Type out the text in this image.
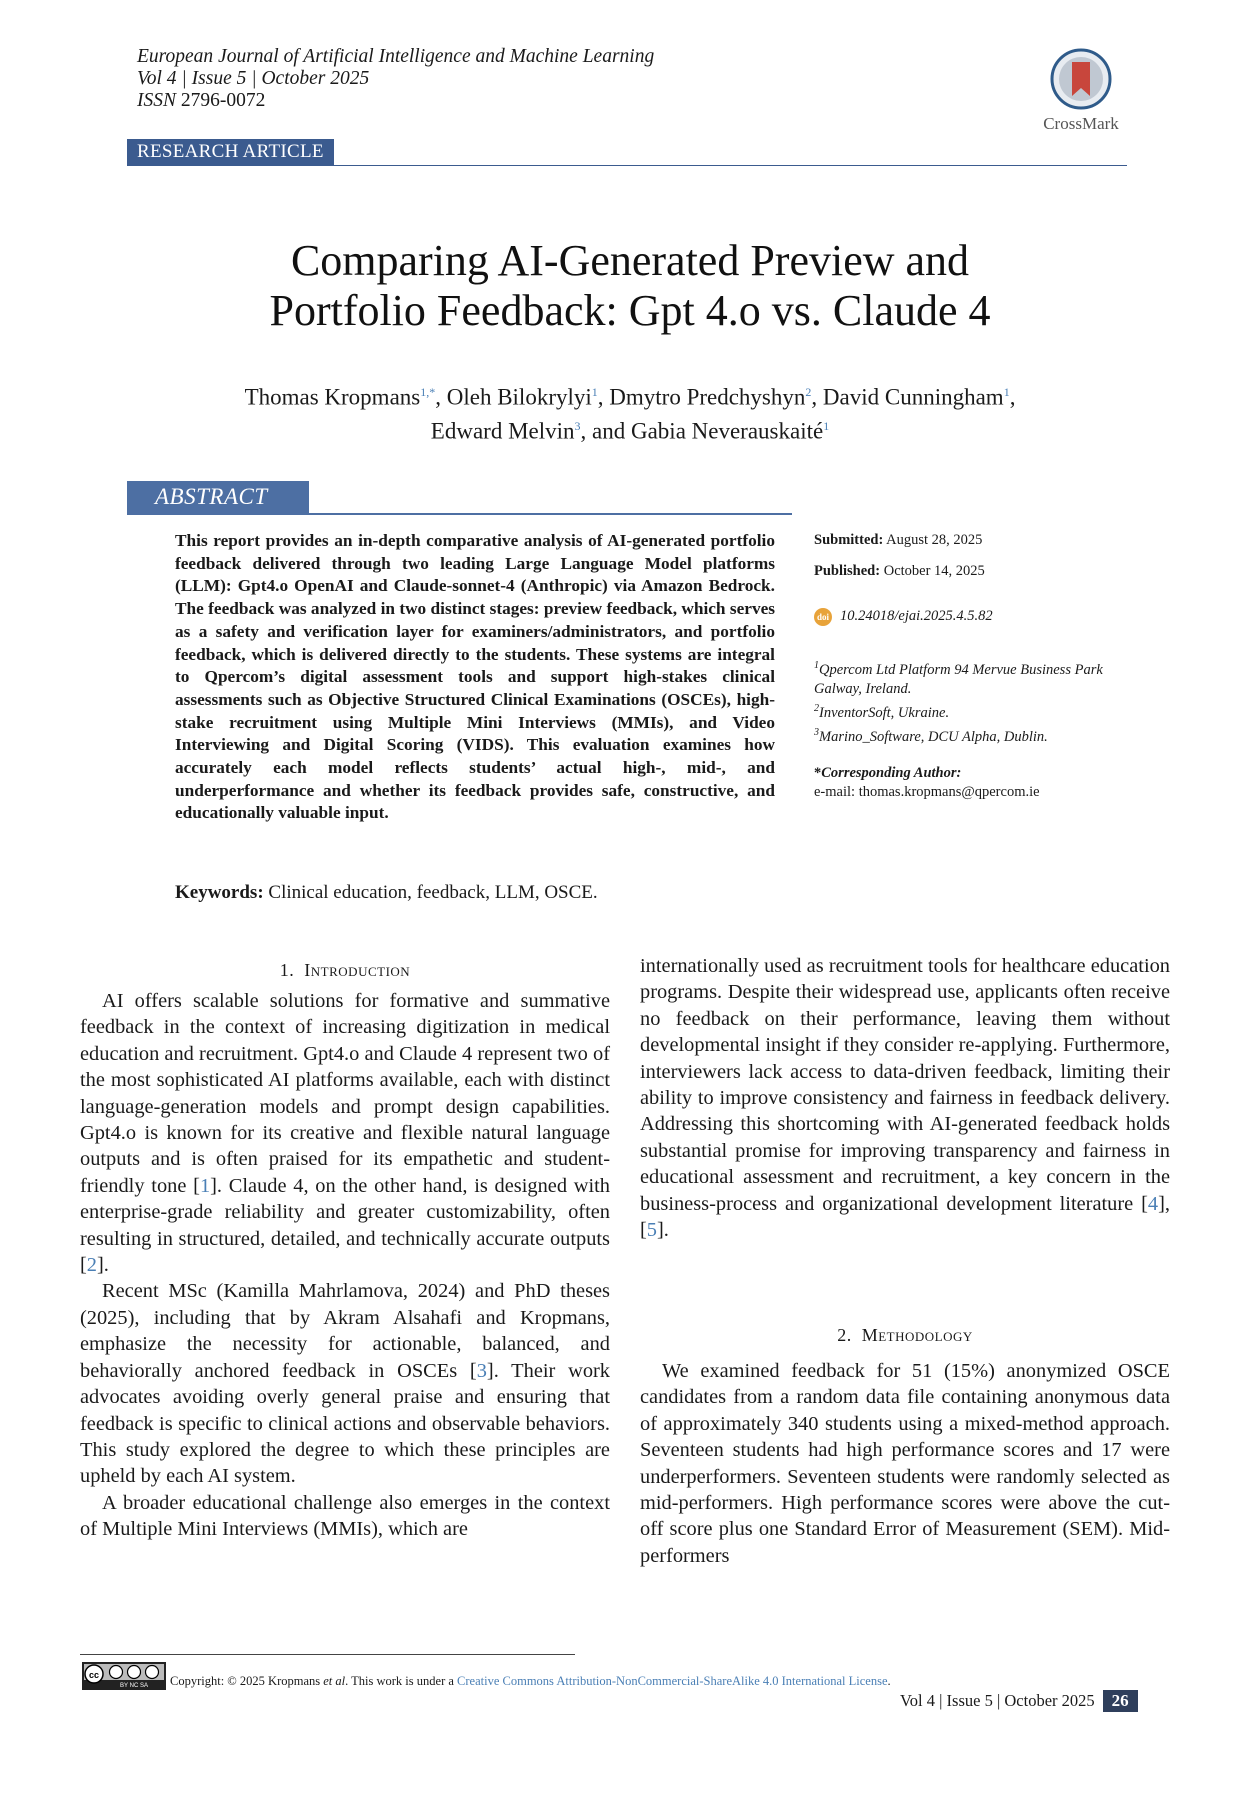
European Journal of Artificial Intelligence and Machine Learning
Vol 4 | Issue 5 | October 2025
ISSN 2796-0072
CrossMark
RESEARCH ARTICLE
Comparing AI-Generated Preview and
Portfolio Feedback: Gpt 4.o vs. Claude 4
Thomas Kropmans$^{1,*}$, Oleh Bilokrylyi$^1$, Dmytro Predchyshyn$^2$, David Cunningham$^1$,
Edward Melvin$^3$, and Gabia Neverauskaité$^1$
ABSTRACT
This report provides an in-depth comparative analysis of AI-generated portfolio feedback delivered through two leading Large Language Model platforms (LLM): Gpt4.o OpenAI and Claude-sonnet-4 (Anthropic) via Amazon Bedrock. The feedback was analyzed in two distinct stages: preview feedback, which serves as a safety and verification layer for examiners/administrators, and portfolio feedback, which is delivered directly to the students. These systems are integral to Qpercom’s digital assessment tools and support high-stakes clinical assessments such as Objective Structured Clinical Examinations (OSCEs), high-stake recruitment using Multiple Mini Interviews (MMIs), and Video Interviewing and Digital Scoring (VIDS). This evaluation examines how accurately each model reflects students’ actual high-, mid-, and underperformance and whether its feedback provides safe, constructive, and educationally valuable input.
Submitted: August 28, 2025
Published: October 14, 2025
doi 10.24018/ejai.2025.4.5.82
$^1$Qpercom Ltd Platform 94 Mervue Business Park Galway, Ireland.
$^2$InventorSoft, Ukraine.
$^3$Marino_Software, DCU Alpha, Dublin.
*Corresponding Author:
e-mail: thomas.kropmans@qpercom.ie
Keywords: Clinical education, feedback, LLM, OSCE.
1. Introduction

AI offers scalable solutions for formative and summative feedback in the context of increasing digitization in medical education and recruitment. Gpt4.o and Claude 4 represent two of the most sophisticated AI platforms available, each with distinct language-generation models and prompt design capabilities. Gpt4.o is known for its creative and flexible natural language outputs and is often praised for its empathetic and student-friendly tone [1]. Claude 4, on the other hand, is designed with enterprise-grade reliability and greater customizability, often resulting in structured, detailed, and technically accurate outputs [2].

Recent MSc (Kamilla Mahrlamova, 2024) and PhD theses (2025), including that by Akram Alsahafi and Kropmans, emphasize the necessity for actionable, balanced, and behaviorally anchored feedback in OSCEs [3]. Their work advocates avoiding overly general praise and ensuring that feedback is specific to clinical actions and observable behaviors. This study explored the degree to which these principles are upheld by each AI system.

A broader educational challenge also emerges in the context of Multiple Mini Interviews (MMIs), which are

internationally used as recruitment tools for healthcare education programs. Despite their widespread use, applicants often receive no feedback on their performance, leaving them without developmental insight if they consider re-applying. Furthermore, interviewers lack access to data-driven feedback, limiting their ability to improve consistency and fairness in feedback delivery. Addressing this shortcoming with AI-generated feedback holds substantial promise for improving transparency and fairness in educational assessment and recruitment, a key concern in the business-process and organizational development literature [4], [5].

2. Methodology

We examined feedback for 51 (15%) anonymized OSCE candidates from a random data file containing anonymous data of approximately 340 students using a mixed-method approach. Seventeen students had high performance scores and 17 were underperformers. Seventeen students were randomly selected as mid-performers. High performance scores were above the cut-off score plus one Standard Error of Measurement (SEM). Mid-performers

cc
BY NC SA Copyright: © 2025 Kropmans et al. This work is under a Creative Commons Attribution-NonCommercial-ShareAlike 4.0 International License.
Vol 4 | Issue 5 | October 2025	26
